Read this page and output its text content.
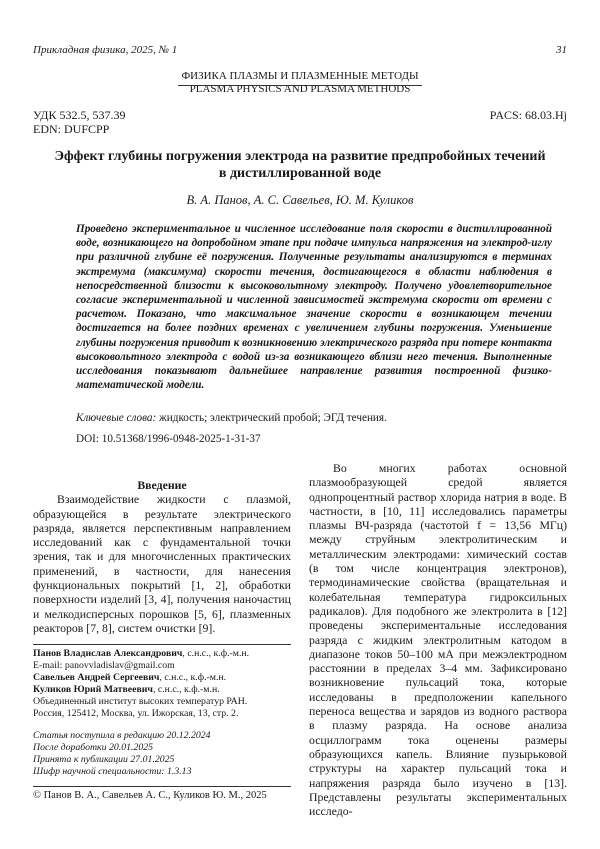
Прикладная физика, 2025, № 1	31
ФИЗИКА ПЛАЗМЫ И ПЛАЗМЕННЫЕ МЕТОДЫ
PLASMA PHYSICS AND PLASMA METHODS
УДК 532.5, 537.39
EDN: DUFCPP
PACS: 68.03.Hj
Эффект глубины погружения электрода на развитие предпробойных течений
в дистиллированной воде
В. А. Панов, А. С. Савельев, Ю. М. Куликов
Проведено экспериментальное и численное исследование поля скорости в дистиллированной воде, возникающего на допробойном этапе при подаче импульса напряжения на электрод-иглу при различной глубине её погружения. Полученные результаты анализируются в терминах экстремума (максимума) скорости течения, достигающегося в области наблюдения в непосредственной близости к высоковольтному электроду. Получено удовлетворительное согласие экспериментальной и численной зависимостей экстремума скорости от времени с расчетом. Показано, что максимальное значение скорости в возникающем течении достигается на более поздних временах с увеличением глубины погружения. Уменьшение глубины погружения приводит к возникновению электрического разряда при потере контакта высоковольтного электрода с водой из-за возникающего вблизи него течения. Выполненные исследования показывают дальнейшее направление развития построенной физико-математической модели.
Ключевые слова: жидкость; электрический пробой; ЭГД течения.
DOI: 10.51368/1996-0948-2025-1-31-37

Введение

Взаимодействие жидкости с плазмой, образующейся в результате электрического разряда, является перспективным направлением исследований как с фундаментальной точки зрения, так и для многочисленных практических применений, в частности, для нанесения функциональных покрытий [1, 2], обработки поверхности изделий [3, 4], получения наночастиц и мелкодисперсных порошков [5, 6], плазменных реакторов [7, 8], систем очистки [9].

Во многих работах основной плазмообразующей средой является однопроцентный раствор хлорида натрия в воде. В частности, в [10, 11] исследовались параметры плазмы ВЧ-разряда (частотой f = 13,56 МГц) между струйным электролитическим и металлическим электродами: химический состав (в том числе концентрация электронов), термодинамические свойства (вращательная и колебательная температура гидроксильных радикалов). Для подобного же электролита в [12] проведены экспериментальные исследования разряда с жидким электролитным катодом в диапазоне токов 50–100 мА при межэлектродном расстоянии в пределах 3–4 мм. Зафиксировано возникновение пульсаций тока, которые исследованы в предположении капельного переноса вещества и зарядов из водного раствора в плазму разряда. На основе анализа осциллограмм тока оценены размеры образующихся капель. Влияние пузырьковой структуры на характер пульсаций тока и напряжения разряда было изучено в [13]. Представлены результаты экспериментальных исследо-

Панов Владислав Александрович, с.н.с., к.ф.-м.н.
E-mail: panovvladislav@gmail.com
Савельев Андрей Сергеевич, с.н.с., к.ф.-м.н.
Куликов Юрий Матвеевич, с.н.с., к.ф.-м.н.
Объединенный институт высоких температур РАН.
Россия, 125412, Москва, ул. Ижорская, 13, стр. 2.
Статья поступила в редакцию 20.12.2024
После доработки 20.01.2025
Принята к публикации 27.01.2025
Шифр научной специальности: 1.3.13
© Панов В. А., Савельев А. С., Куликов Ю. М., 2025
